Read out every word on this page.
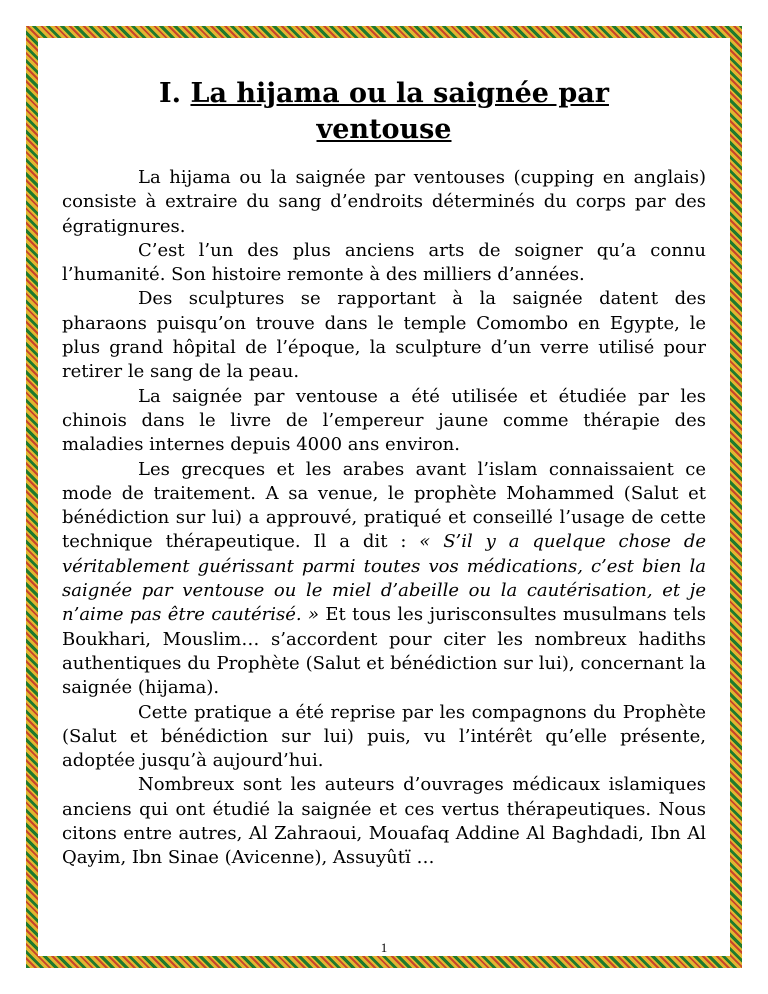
I. La hijama ou la saignée par ventouse

La hijama ou la saignée par ventouses (cupping en anglais) consiste à extraire du sang d’endroits déterminés du corps par des égratignures.

C’est l’un des plus anciens arts de soigner qu’a connu l’humanité. Son histoire remonte à des milliers d’années.

Des sculptures se rapportant à la saignée datent des pharaons puisqu’on trouve dans le temple Comombo en Egypte, le plus grand hôpital de l’époque, la sculpture d’un verre utilisé pour retirer le sang de la peau.

La saignée par ventouse a été utilisée et étudiée par les chinois dans le livre de l’empereur jaune comme thérapie des maladies internes depuis 4000 ans environ.

Les grecques et les arabes avant l’islam connaissaient ce mode de traitement. A sa venue, le prophète Mohammed (Salut et bénédiction sur lui) a approuvé, pratiqué et conseillé l’usage de cette technique thérapeutique. Il a dit : « S’il y a quelque chose de véritablement guérissant parmi toutes vos médications, c’est bien la saignée par ventouse ou le miel d’abeille ou la cautérisation, et je n’aime pas être cautérisé. » Et tous les jurisconsultes musulmans tels Boukhari, Mouslim… s’accordent pour citer les nombreux hadiths authentiques du Prophète (Salut et bénédiction sur lui), concernant la saignée (hijama).

Cette pratique a été reprise par les compagnons du Prophète (Salut et bénédiction sur lui) puis, vu l’intérêt qu’elle présente, adoptée jusqu’à aujourd’hui.

Nombreux sont les auteurs d’ouvrages médicaux islamiques anciens qui ont étudié la saignée et ces vertus thérapeutiques. Nous citons entre autres, Al Zahraoui, Mouafaq Addine Al Baghdadi, Ibn Al Qayim, Ibn Sinae (Avicenne), Assuyûtï …

1
